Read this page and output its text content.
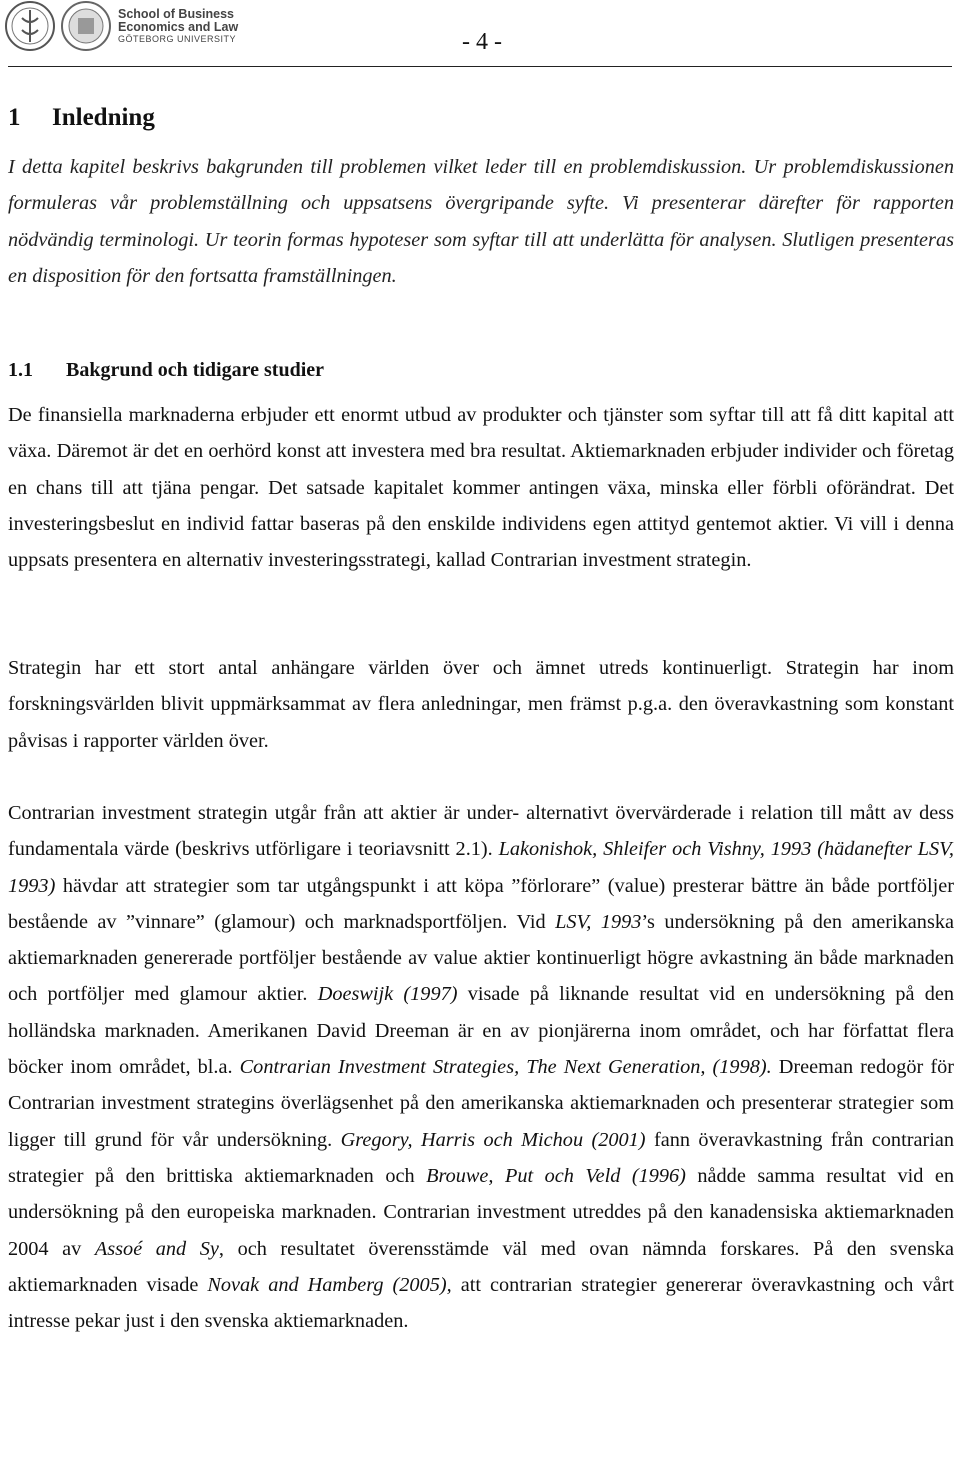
School of Business
Economics and Law
GÖTEBORG UNIVERSITY	- 4 -
1 Inledning
I detta kapitel beskrivs bakgrunden till problemen vilket leder till en problemdiskussion. Ur problemdiskussionen formuleras vår problemställning och uppsatsens övergripande syfte. Vi presenterar därefter för rapporten nödvändig terminologi. Ur teorin formas hypoteser som syftar till att underlätta för analysen. Slutligen presenteras en disposition för den fortsatta framställningen.
1.1 Bakgrund och tidigare studier
De finansiella marknaderna erbjuder ett enormt utbud av produkter och tjänster som syftar till att få ditt kapital att växa. Däremot är det en oerhörd konst att investera med bra resultat. Aktiemarknaden erbjuder individer och företag en chans till att tjäna pengar. Det satsade kapitalet kommer antingen växa, minska eller förbli oförändrat. Det investeringsbeslut en individ fattar baseras på den enskilde individens egen attityd gentemot aktier. Vi vill i denna uppsats presentera en alternativ investeringsstrategi, kallad Contrarian investment strategin.
Strategin har ett stort antal anhängare världen över och ämnet utreds kontinuerligt. Strategin har inom forskningsvärlden blivit uppmärksammat av flera anledningar, men främst p.g.a. den överavkastning som konstant påvisas i rapporter världen över.
Contrarian investment strategin utgår från att aktier är under- alternativt övervärderade i relation till mått av dess fundamentala värde (beskrivs utförligare i teoriavsnitt 2.1). Lakonishok, Shleifer och Vishny, 1993 (hädanefter LSV, 1993) hävdar att strategier som tar utgångspunkt i att köpa ”förlorare” (value) presterar bättre än både portföljer bestående av ”vinnare” (glamour) och marknadsportföljen. Vid LSV, 1993’s undersökning på den amerikanska aktiemarknaden genererade portföljer bestående av value aktier kontinuerligt högre avkastning än både marknaden och portföljer med glamour aktier. Doeswijk (1997) visade på liknande resultat vid en undersökning på den holländska marknaden. Amerikanen David Dreeman är en av pionjärerna inom området, och har författat flera böcker inom området, bl.a. Contrarian Investment Strategies, The Next Generation, (1998). Dreeman redogör för Contrarian investment strategins överlägsenhet på den amerikanska aktiemarknaden och presenterar strategier som ligger till grund för vår undersökning. Gregory, Harris och Michou (2001) fann överavkastning från contrarian strategier på den brittiska aktiemarknaden och Brouwe, Put och Veld (1996) nådde samma resultat vid en undersökning på den europeiska marknaden. Contrarian investment utreddes på den kanadensiska aktiemarknaden 2004 av Assoé and Sy, och resultatet överensstämde väl med ovan nämnda forskares. På den svenska aktiemarknaden visade Novak and Hamberg (2005), att contrarian strategier genererar överavkastning och vårt intresse pekar just i den svenska aktiemarknaden.
